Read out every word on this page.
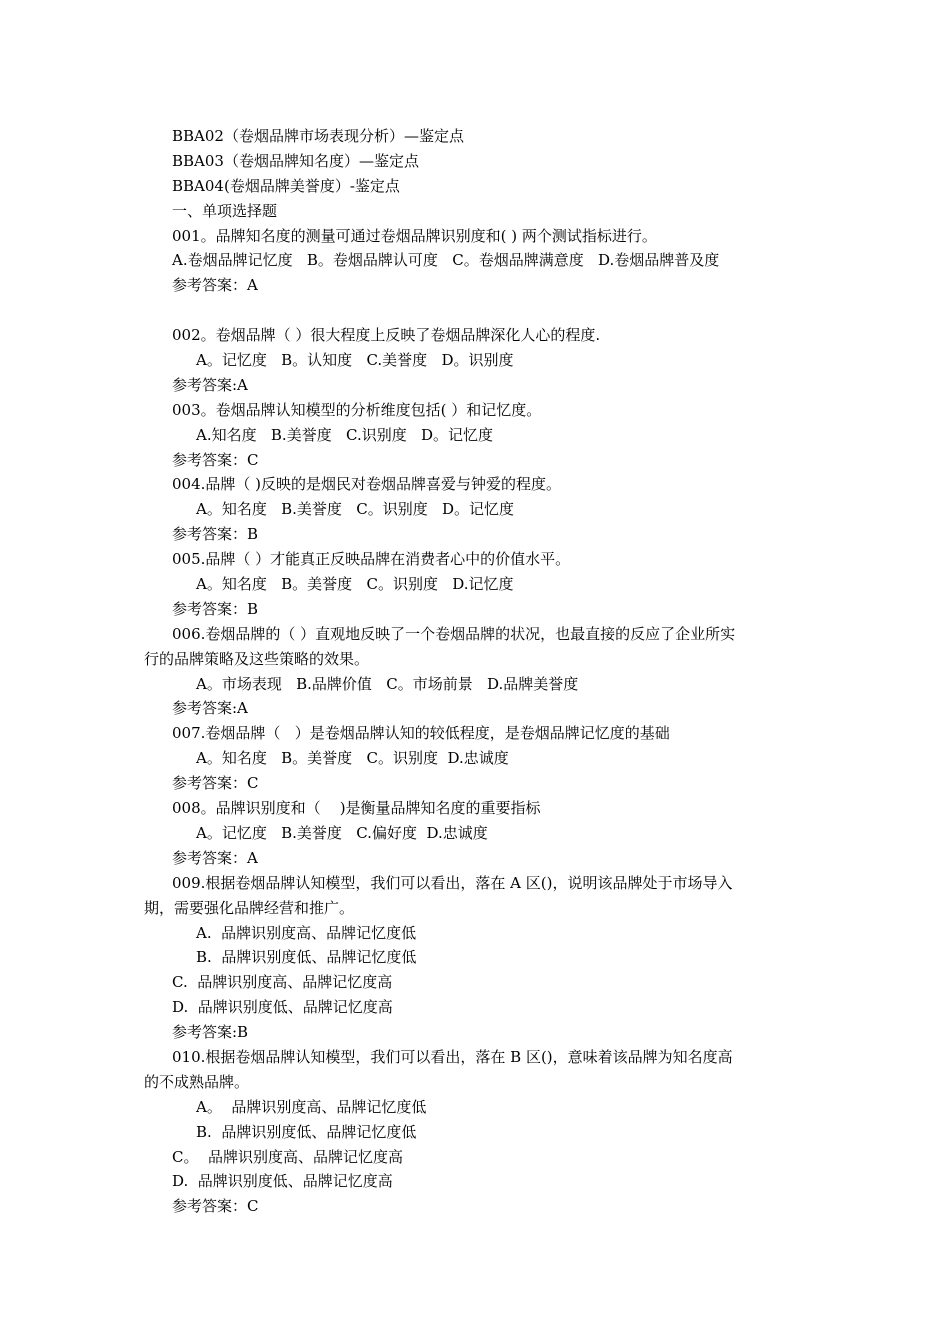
BBA02（卷烟品牌市场表现分析）—鉴定点

BBA03（卷烟品牌知名度）—鉴定点

BBA04(卷烟品牌美誉度）-鉴定点

一、单项选择题

001。品牌知名度的测量可通过卷烟品牌识别度和( ) 两个测试指标进行。

A.卷烟品牌记忆度   B。卷烟品牌认可度   C。卷烟品牌满意度   D.卷烟品牌普及度

参考答案：A

002。卷烟品牌（ ）很大程度上反映了卷烟品牌深化人心的程度.

A。记忆度   B。认知度   C.美誉度   D。识别度

参考答案:A

003。卷烟品牌认知模型的分析维度包括( ）和记忆度。

A.知名度   B.美誉度   C.识别度   D。记忆度

参考答案：C

004.品牌（ )反映的是烟民对卷烟品牌喜爱与钟爱的程度。

A。知名度   B.美誉度   C。识别度   D。记忆度

参考答案：B

005.品牌（ ）才能真正反映品牌在消费者心中的价值水平。

A。知名度   B。美誉度   C。识别度   D.记忆度

参考答案：B

006.卷烟品牌的（ ）直观地反映了一个卷烟品牌的状况，也最直接的反应了企业所实

行的品牌策略及这些策略的效果。

A。市场表现   B.品牌价值   C。市场前景   D.品牌美誉度

参考答案:A

007.卷烟品牌（   ）是卷烟品牌认知的较低程度，是卷烟品牌记忆度的基础

A。知名度   B。美誉度   C。识别度  D.忠诚度

参考答案：C

008。品牌识别度和（    )是衡量品牌知名度的重要指标

A。记忆度   B.美誉度   C.偏好度  D.忠诚度

参考答案：A

009.根据卷烟品牌认知模型，我们可以看出，落在 A 区()，说明该品牌处于市场导入

期，需要强化品牌经营和推广。

A.  品牌识别度高、品牌记忆度低

B.  品牌识别度低、品牌记忆度低

C.  品牌识别度高、品牌记忆度高

D.  品牌识别度低、品牌记忆度高

参考答案:B

010.根据卷烟品牌认知模型，我们可以看出，落在 B 区()，意味着该品牌为知名度高

的不成熟品牌。

A。  品牌识别度高、品牌记忆度低

B.  品牌识别度低、品牌记忆度低

C。  品牌识别度高、品牌记忆度高

D.  品牌识别度低、品牌记忆度高

参考答案：C
